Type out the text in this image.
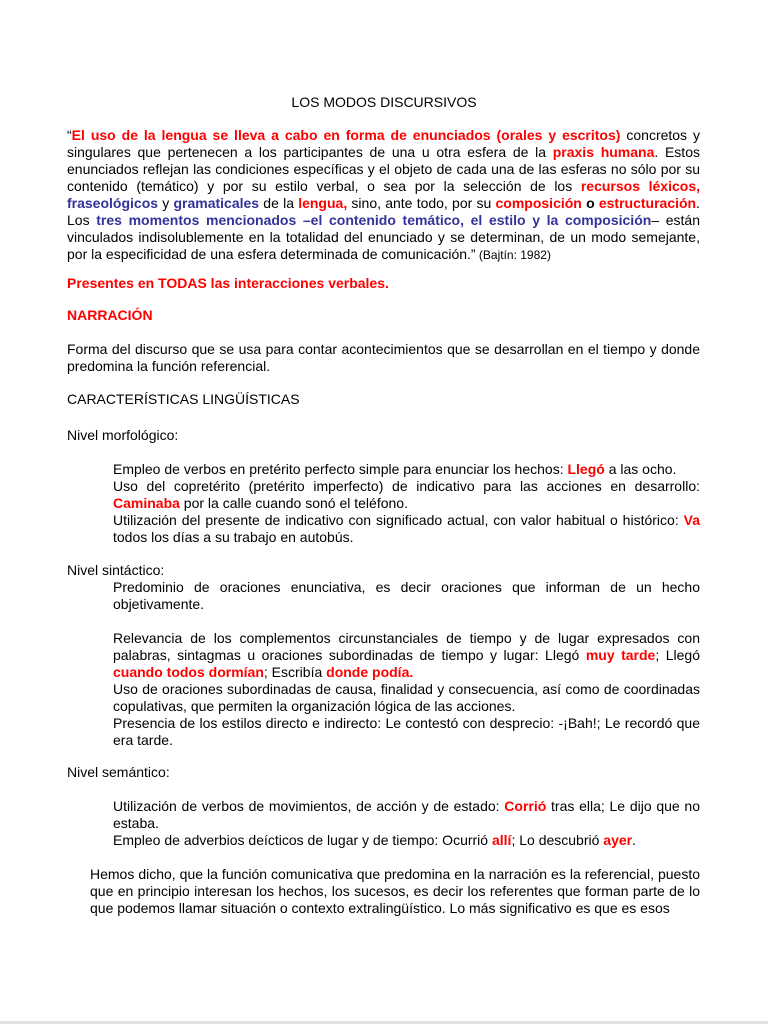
LOS MODOS DISCURSIVOS

“El uso de la lengua se lleva a cabo en forma de enunciados (orales y escritos) concretos y singulares que pertenecen a los participantes de una u otra esfera de la praxis humana. Estos enunciados reflejan las condiciones específicas y el objeto de cada una de las esferas no sólo por su contenido (temático) y por su estilo verbal, o sea por la selección de los recursos léxicos, fraseológicos y gramaticales de la lengua, sino, ante todo, por su composición o estructuración. Los tres momentos mencionados –el contenido temático, el estilo y la composición– están vinculados indisolublemente en la totalidad del enunciado y se determinan, de un modo semejante, por la especificidad de una esfera determinada de comunicación.” (Bajtín: 1982)

Presentes en TODAS las interacciones verbales.
NARRACIÓN
Forma del discurso que se usa para contar acontecimientos que se desarrollan en el tiempo y donde predomina la función referencial.
CARACTERÍSTICAS LINGÜÍSTICAS
Nivel morfológico:
Empleo de verbos en pretérito perfecto simple para enunciar los hechos: Llegó a las ocho.
Uso del copretérito (pretérito imperfecto) de indicativo para las acciones en desarrollo: Caminaba por la calle cuando sonó el teléfono.
Utilización del presente de indicativo con significado actual, con valor habitual o histórico: Va todos los días a su trabajo en autobús.
Nivel sintáctico:
Predominio de oraciones enunciativa, es decir oraciones que informan de un hecho objetivamente.
Relevancia de los complementos circunstanciales de tiempo y de lugar expresados con palabras, sintagmas u oraciones subordinadas de tiempo y lugar: Llegó muy tarde; Llegó cuando todos dormían; Escribía donde podía.
Uso de oraciones subordinadas de causa, finalidad y consecuencia, así como de coordinadas copulativas, que permiten la organización lógica de las acciones.
Presencia de los estilos directo e indirecto: Le contestó con desprecio: -¡Bah!; Le recordó que era tarde.
Nivel semántico:
Utilización de verbos de movimientos, de acción y de estado: Corrió tras ella; Le dijo que no estaba.
Empleo de adverbios deícticos de lugar y de tiempo: Ocurrió allí; Lo descubrió ayer.
Hemos dicho, que la función comunicativa que predomina en la narración es la referencial, puesto que en principio interesan los hechos, los sucesos, es decir los referentes que forman parte de lo que podemos llamar situación o contexto extralingüístico. Lo más significativo es que es esos
